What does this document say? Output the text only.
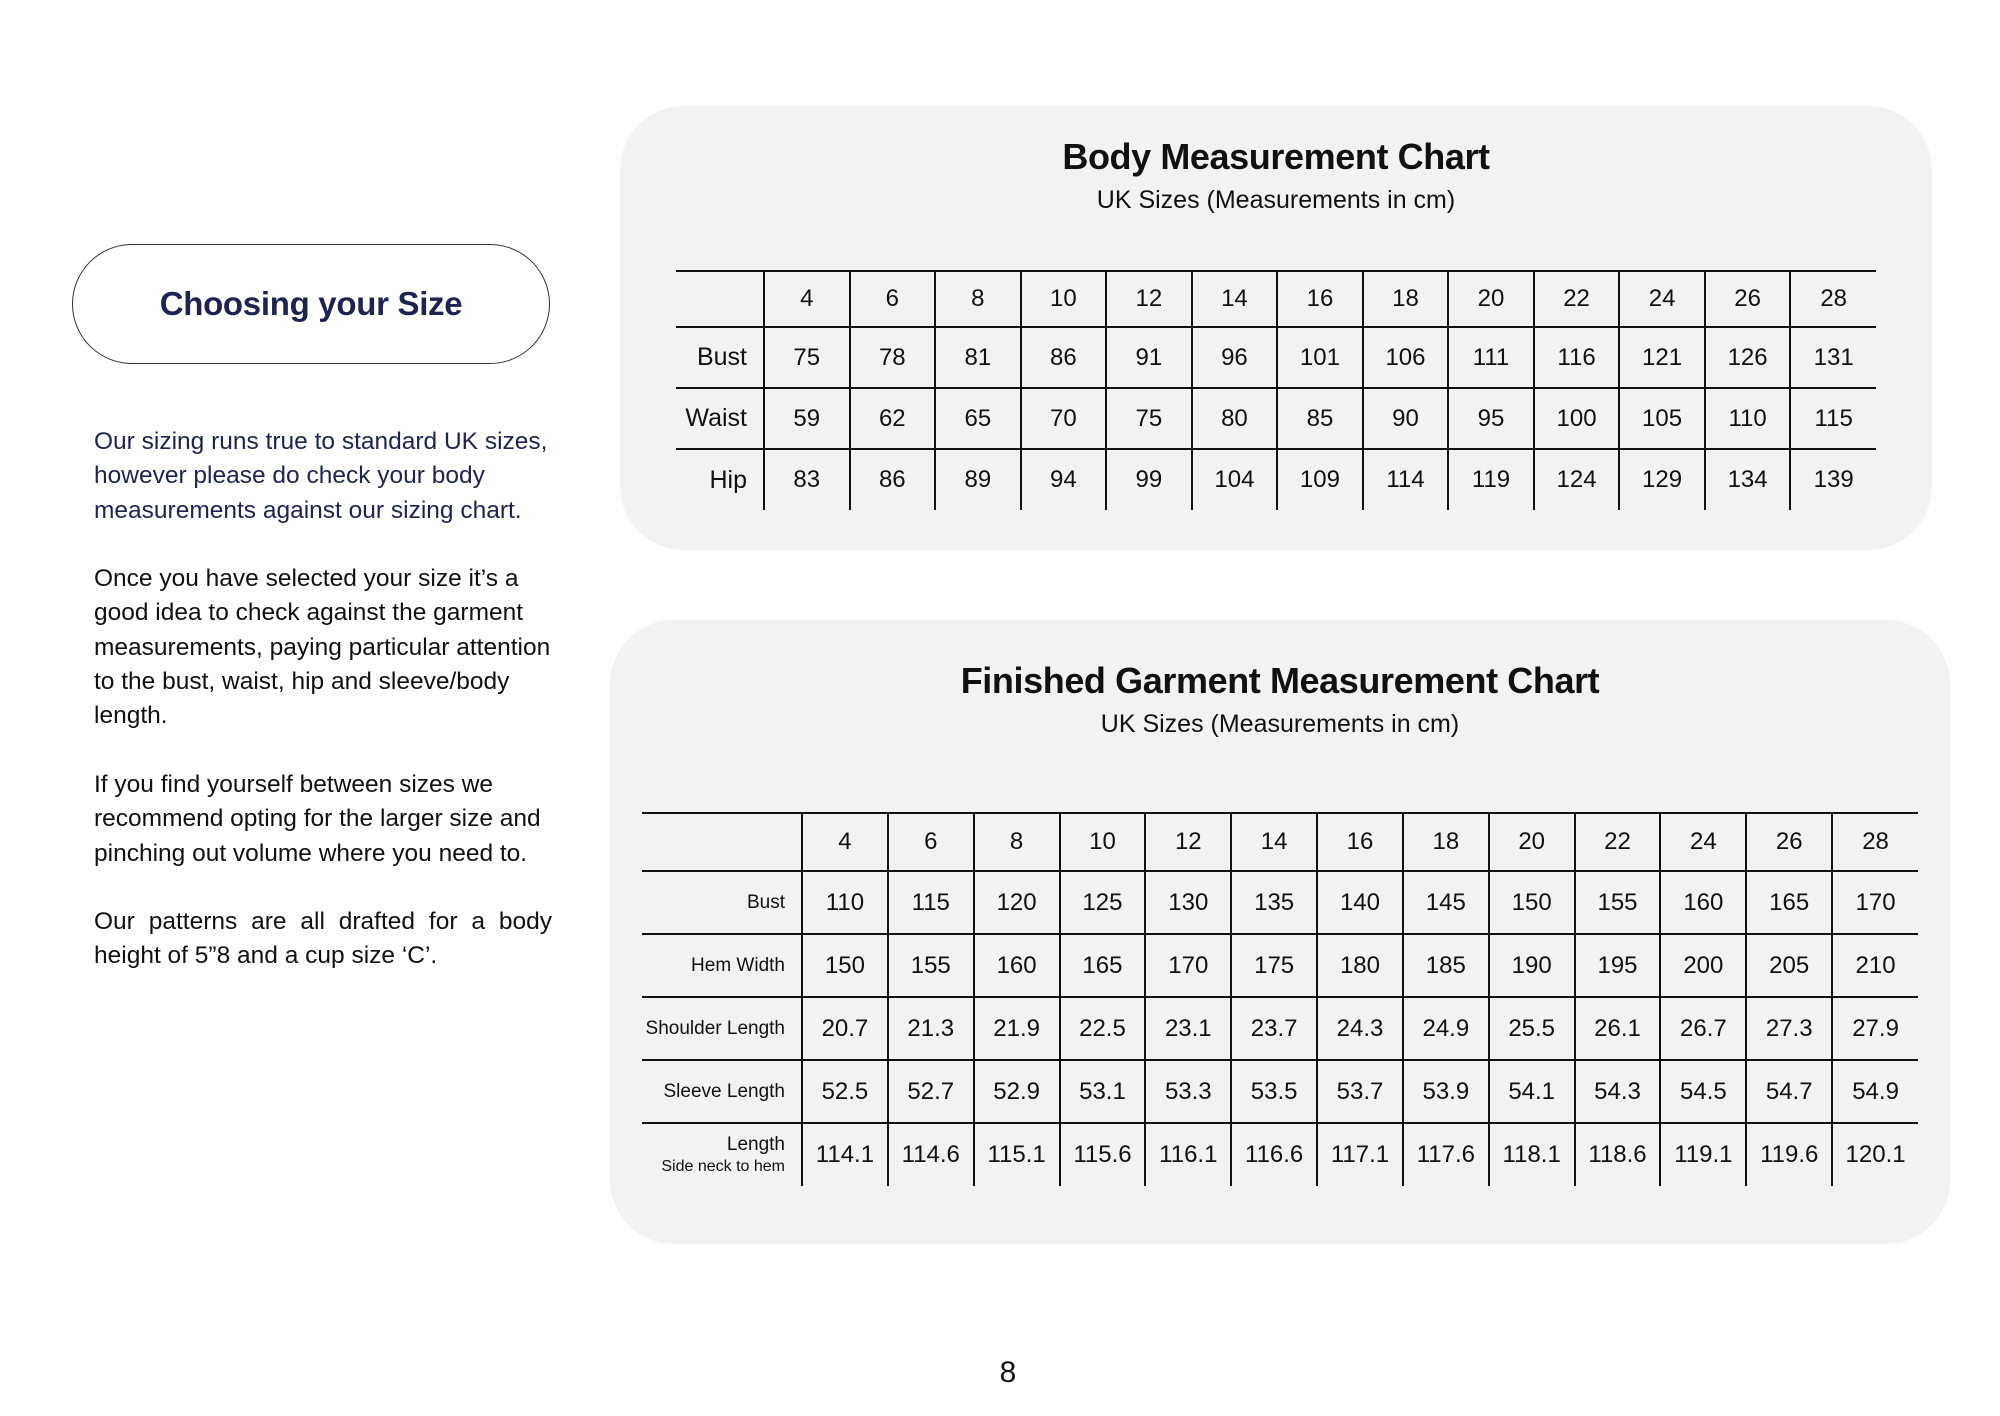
Choosing your Size

Our sizing runs true to standard UK sizes, however please do check your body measurements against our sizing chart.

Once you have selected your size it’s a good idea to check against the garment measurements, paying particular attention to the bust, waist, hip and sleeve/body length.

If you find yourself between sizes we recommend opting for the larger size and pinching out volume where you need to.

Our patterns are all drafted for a body height of 5”8 and a cup size ‘C’.

Body Measurement Chart

UK Sizes (Measurements in cm)

	4	6	8	10	12	14	16	18	20	22	24	26	28
Bust	75	78	81	86	91	96	101	106	111	116	121	126	131
Waist	59	62	65	70	75	80	85	90	95	100	105	110	115
Hip	83	86	89	94	99	104	109	114	119	124	129	134	139
Finished Garment Measurement Chart

UK Sizes (Measurements in cm)

	4	6	8	10	12	14	16	18	20	22	24	26	28
Bust	110	115	120	125	130	135	140	145	150	155	160	165	170
Hem Width	150	155	160	165	170	175	180	185	190	195	200	205	210
Shoulder Length	20.7	21.3	21.9	22.5	23.1	23.7	24.3	24.9	25.5	26.1	26.7	27.3	27.9
Sleeve Length	52.5	52.7	52.9	53.1	53.3	53.5	53.7	53.9	54.1	54.3	54.5	54.7	54.9
Length
Side neck to hem	114.1	114.6	115.1	115.6	116.1	116.6	117.1	117.6	118.1	118.6	119.1	119.6	120.1
8
